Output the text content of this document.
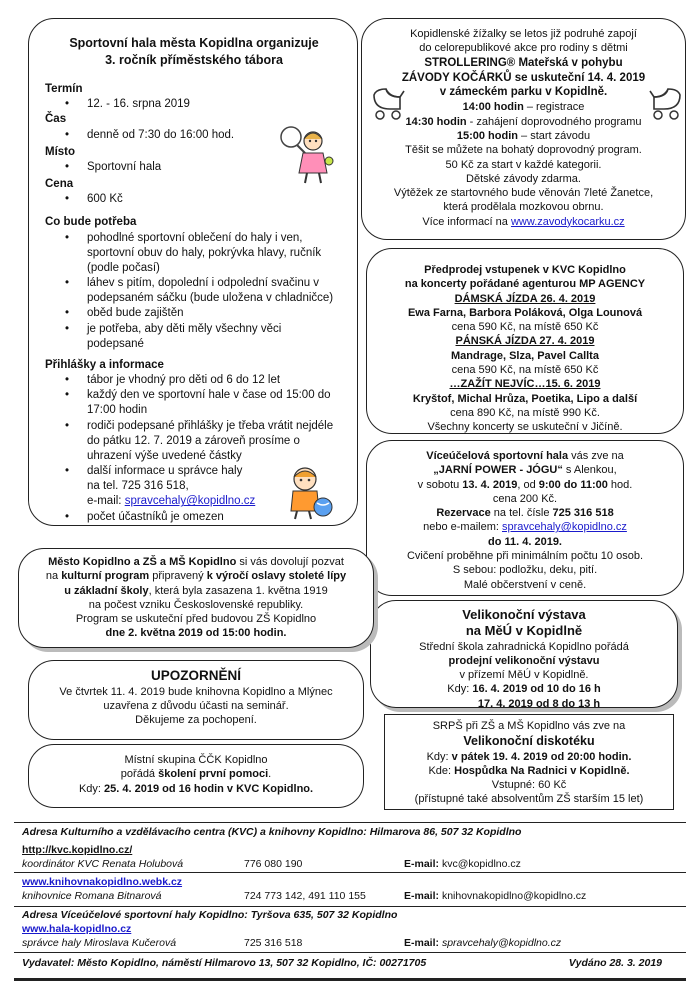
Sportovní hala města Kopidlna organizuje
3. ročník příměstského tábora
Termín
• 12. - 16. srpna 2019
Čas
• denně od 7:30 do 16:00 hod.
Místo
• Sportovní hala
Cena
• 600 Kč
Co bude potřeba
• pohodlné sportovní oblečení do haly i ven, sportovní obuv do haly, pokrývka hlavy, ručník (podle počasí)
• láhev s pitím, dopolední i odpolední svačinu v podepsaném sáčku (bude uložena v chladničce)
• oběd bude zajištěn
• je potřeba, aby děti měly všechny věci podepsané
Přihlášky a informace
• tábor je vhodný pro děti od 6 do 12 let
• každý den ve sportovní hale v čase od 15:00 do 17:00 hodin
• rodiči podepsané přihlášky je třeba vrátit nejdéle do pátku 12. 7. 2019 a zároveň prosíme o uhrazení výše uvedené částky
• další informace u správce haly
na tel. 725 316 518,
e-mail: spravcehaly@kopidlno.cz
• počet účastníků je omezen
Kopidlenské žížalky se letos již podruhé zapojí
do celorepublikové akce pro rodiny s dětmi
STROLLERING® Mateřská v pohybu
ZÁVODY KOČÁRKŮ se uskuteční 14. 4. 2019
v zámeckém parku v Kopidlně.
14:00 hodin – registrace
14:30 hodin - zahájení doprovodného programu
15:00 hodin – start závodu
Těšit se můžete na bohatý doprovodný program.
50 Kč za start v každé kategorii.
Dětské závody zdarma.
Výtěžek ze startovného bude věnován 7leté Žanetce,
která prodělala mozkovou obrnu.
Více informací na www.zavodykocarku.cz
Předprodej vstupenek v KVC Kopidlno
na koncerty pořádané agenturou MP AGENCY
DÁMSKÁ JÍZDA 26. 4. 2019
Ewa Farna, Barbora Poláková, Olga Lounová
cena 590 Kč, na místě 650 Kč
PÁNSKÁ JÍZDA 27. 4. 2019
Mandrage, Slza, Pavel Callta
cena 590 Kč, na místě 650 Kč
…ZAŽÍT NEJVÍC…15. 6. 2019
Kryštof, Michal Hrůza, Poetika, Lipo a další
cena 890 Kč, na místě 990 Kč.
Všechny koncerty se uskuteční v Jičíně.
Víceúčelová sportovní hala vás zve na
„JARNÍ POWER - JÓGU“ s Alenkou,
v sobotu 13. 4. 2019, od 9:00 do 11:00 hod.
cena 200 Kč.
Rezervace na tel. čísle 725 316 518
nebo e-mailem: spravcehaly@kopidlno.cz
do 11. 4. 2019.
Cvičení proběhne při minimálním počtu 10 osob.
S sebou: podložku, deku, pití.
Malé občerstvení v ceně.
Velikonoční výstava
na MěÚ v Kopidlně
Střední škola zahradnická Kopidlno pořádá
prodejní velikonoční výstavu
v přízemí MěÚ v Kopidlně.
Kdy: 16. 4. 2019 od 10 do 16 h
17. 4. 2019 od 8 do 13 h
Město Kopidlno a ZŠ a MŠ Kopidlno si vás dovolují pozvat
na kulturní program připravený k výročí oslavy stoleté lípy
u základní školy, která byla zasazena 1. května 1919
na počest vzniku Československé republiky.
Program se uskuteční před budovou ZŠ Kopidlno
dne 2. května 2019 od 15:00 hodin.
UPOZORNĚNÍ
Ve čtvrtek 11. 4. 2019 bude knihovna Kopidlno a Mlýnec
uzavřena z důvodu účasti na seminář.
Děkujeme za pochopení.	SRPŠ při ZŠ a MŠ Kopidlno vás zve na
Velikonoční diskotéku
Kdy: v pátek 19. 4. 2019 od 20:00 hodin.
Kde: Hospůdka Na Radnici v Kopidlně.
Vstupné: 60 Kč
(přístupné také absolventům ZŠ starším 15 let)
Místní skupina ČČK Kopidlno
pořádá školení první pomoci.
Kdy: 25. 4. 2019 od 16 hodin v KVC Kopidlno.
Adresa Kulturního a vzdělávacího centra (KVC) a knihovny Kopidlno: Hilmarova 86, 507 32 Kopidlno
http://kvc.kopidlno.cz/
koordinátor KVC Renata Holubová	776 080 190	E-mail: kvc@kopidlno.cz
www.knihovnakopidlno.webk.cz
knihovnice Romana Bitnarová	724 773 142, 491 110 155	E-mail: knihovnakopidlno@kopidlno.cz
Adresa Víceúčelové sportovní haly Kopidlno: Tyršova 635, 507 32 Kopidlno
www.hala-kopidlno.cz
správce haly Miroslava Kučerová	725 316 518	E-mail: spravcehaly@kopidlno.cz
Vydavatel: Město Kopidlno, náměstí Hilmarovo 13, 507 32 Kopidlno, IČ: 00271705	Vydáno 28. 3. 2019
